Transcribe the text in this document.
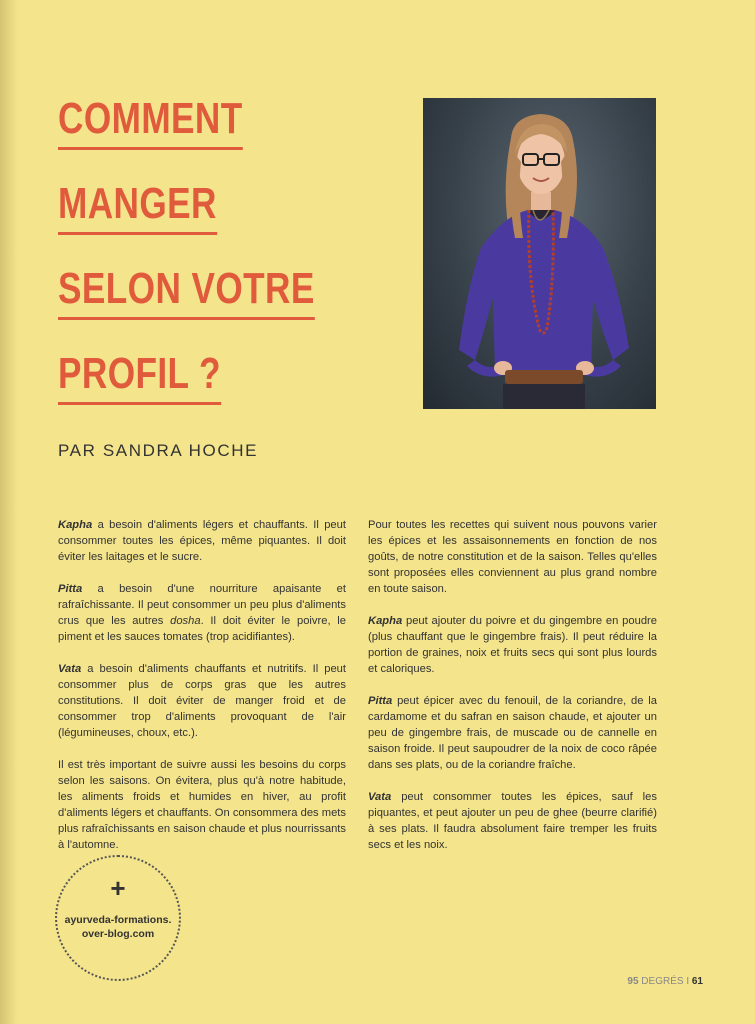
COMMENT
MANGER
SELON VOTRE
PROFIL ?
PAR SANDRA HOCHE

Kapha a besoin d'aliments légers et chauffants. Il peut consommer toutes les épices, même piquantes. Il doit éviter les laitages et le sucre.

Pitta a besoin d'une nourriture apaisante et rafraîchissante. Il peut consommer un peu plus d'aliments crus que les autres dosha. Il doit éviter le poivre, le piment et les sauces tomates (trop acidifiantes).

Vata a besoin d'aliments chauffants et nutritifs. Il peut consommer plus de corps gras que les autres constitutions. Il doit éviter de manger froid et de consommer trop d'aliments provoquant de l'air (légumineuses, choux, etc.).

Il est très important de suivre aussi les besoins du corps selon les saisons. On évitera, plus qu'à notre habitude, les aliments froids et humides en hiver, au profit d'aliments légers et chauffants. On consommera des mets plus rafraîchissants en saison chaude et plus nourrissants à l'automne.

Pour toutes les recettes qui suivent nous pouvons varier les épices et les assaisonnements en fonction de nos goûts, de notre constitution et de la saison. Telles qu'elles sont proposées elles conviennent au plus grand nombre en toute saison.

Kapha peut ajouter du poivre et du gingembre en poudre (plus chauffant que le gingembre frais). Il peut réduire la portion de graines, noix et fruits secs qui sont plus lourds et caloriques.

Pitta peut épicer avec du fenouil, de la coriandre, de la cardamome et du safran en saison chaude, et ajouter un peu de gingembre frais, de muscade ou de cannelle en saison froide. Il peut saupoudrer de la noix de coco râpée dans ses plats, ou de la coriandre fraîche.

Vata peut consommer toutes les épices, sauf les piquantes, et peut ajouter un peu de ghee (beurre clarifié) à ses plats. Il faudra absolument faire tremper les fruits secs et les noix.

+
ayurveda-formations.
over-blog.com
95 DEGRÉS I 61
